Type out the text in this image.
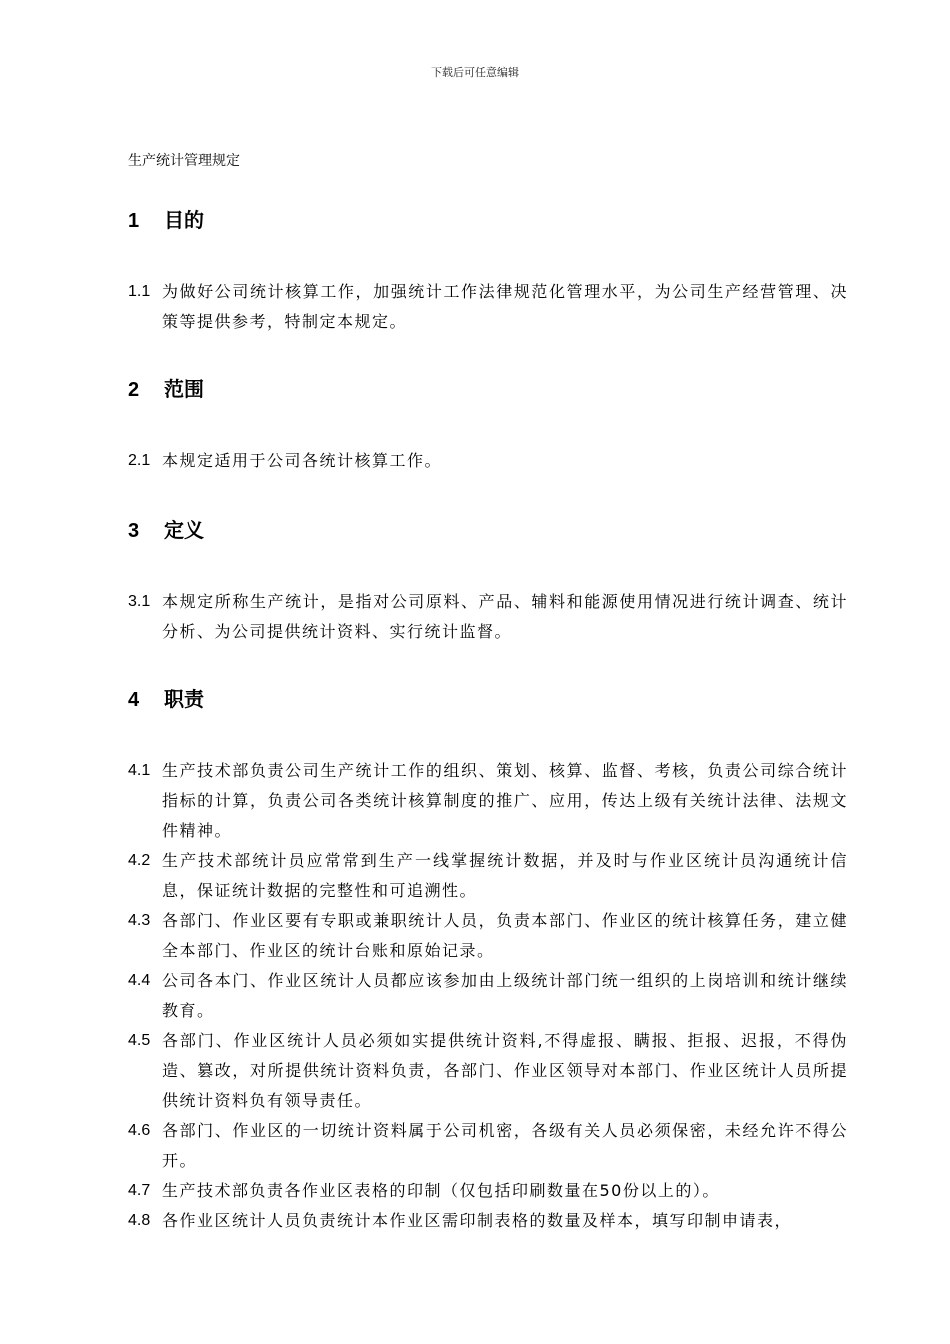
下载后可任意编辑
生产统计管理规定
1	目的
1.1 为做好公司统计核算工作，加强统计工作法律规范化管理水平，为公司生产经营管理、决策等提供参考，特制定本规定。
2	范围
2.1 本规定适用于公司各统计核算工作。
3	定义
3.1 本规定所称生产统计，是指对公司原料、产品、辅料和能源使用情况进行统计调查、统计分析、为公司提供统计资料、实行统计监督。
4	职责
4.1 生产技术部负责公司生产统计工作的组织、策划、核算、监督、考核，负责公司综合统计指标的计算，负责公司各类统计核算制度的推广、应用，传达上级有关统计法律、法规文件精神。
4.2 生产技术部统计员应常常到生产一线掌握统计数据，并及时与作业区统计员沟通统计信息，保证统计数据的完整性和可追溯性。
4.3 各部门、作业区要有专职或兼职统计人员，负责本部门、作业区的统计核算任务，建立健全本部门、作业区的统计台账和原始记录。
4.4 公司各本门、作业区统计人员都应该参加由上级统计部门统一组织的上岗培训和统计继续教育。
4.5 各部门、作业区统计人员必须如实提供统计资料,不得虚报、瞒报、拒报、迟报，不得伪造、篡改，对所提供统计资料负责，各部门、作业区领导对本部门、作业区统计人员所提供统计资料负有领导责任。
4.6 各部门、作业区的一切统计资料属于公司机密，各级有关人员必须保密，未经允许不得公开。
4.7 生产技术部负责各作业区表格的印制（仅包括印刷数量在50份以上的）。
4.8 各作业区统计人员负责统计本作业区需印制表格的数量及样本，填写印制申请表，
